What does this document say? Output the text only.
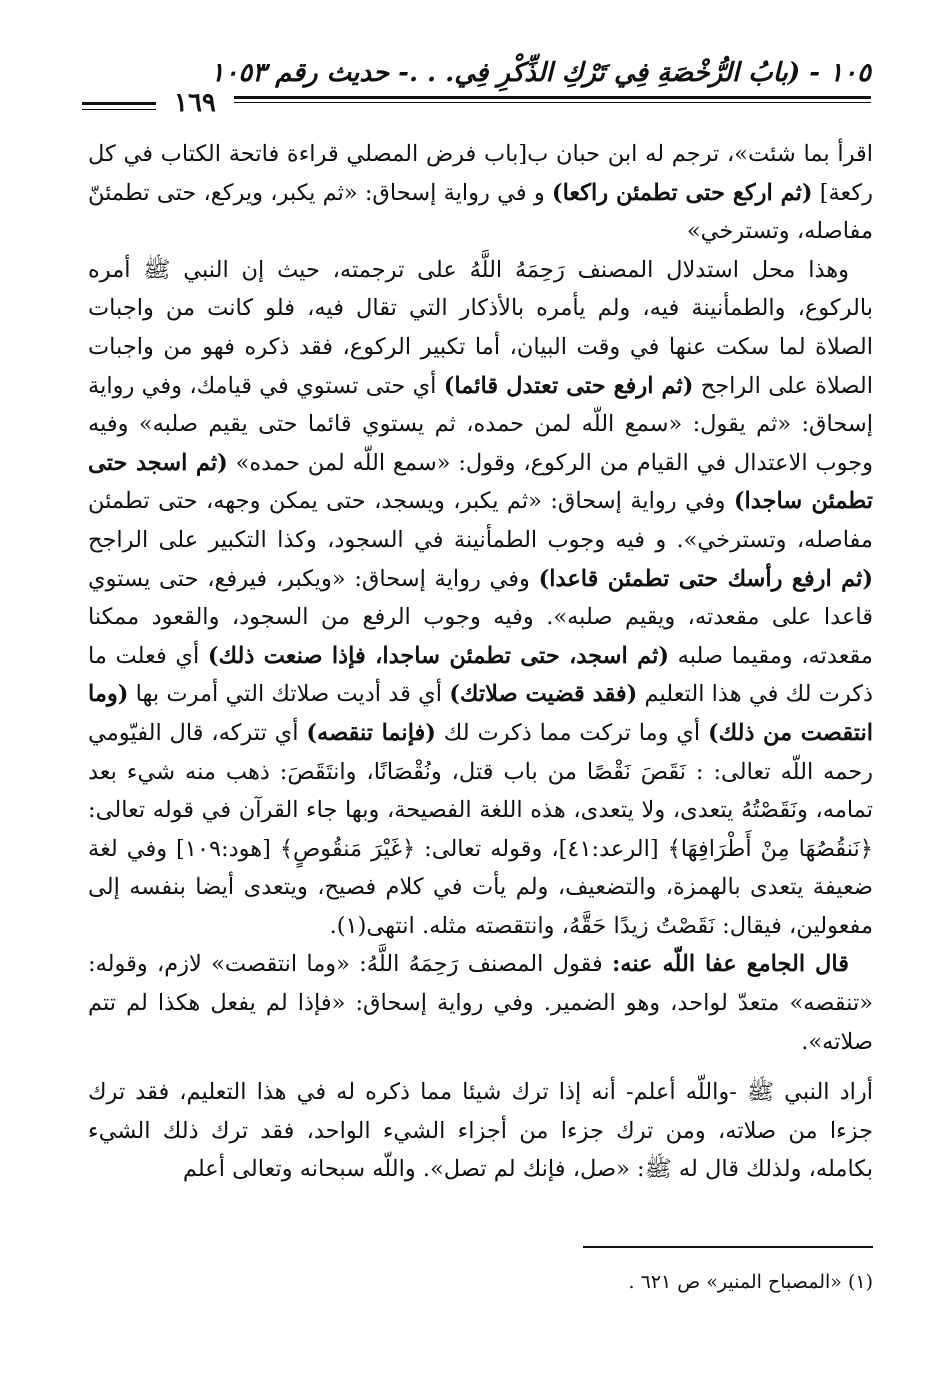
١٠٥ - (بابُ الرُّخْصَةِ فِي تَرْكِ الذِّكْرِ فِي. . .- حديث رقم ١٠٥٣
١٦٩

اقرأ بما شئت»، ترجم له ابن حبان ب[باب فرض المصلي قراءة فاتحة الكتاب في كل ركعة] (ثم اركع حتى تطمئن راكعا) و في رواية إسحاق: «ثم يكبر، ويركع، حتى تطمئنّ مفاصله، وتسترخي»

وهذا محل استدلال المصنف رَحِمَهُ اللَّهُ على ترجمته، حيث إن النبي ﷺ أمره بالركوع، والطمأنينة فيه، ولم يأمره بالأذكار التي تقال فيه، فلو كانت من واجبات الصلاة لما سكت عنها في وقت البيان، أما تكبير الركوع، فقد ذكره فهو من واجبات الصلاة على الراجح (ثم ارفع حتى تعتدل قائما) أي حتى تستوي في قيامك، وفي رواية إسحاق: «ثم يقول: «سمع اللّه لمن حمده، ثم يستوي قائما حتى يقيم صلبه» وفيه وجوب الاعتدال في القيام من الركوع، وقول: «سمع اللّه لمن حمده» (ثم اسجد حتى تطمئن ساجدا) وفي رواية إسحاق: «ثم يكبر، ويسجد، حتى يمكن وجهه، حتى تطمئن مفاصله، وتسترخي». و فيه وجوب الطمأنينة في السجود، وكذا التكبير على الراجح (ثم ارفع رأسك حتى تطمئن قاعدا) وفي رواية إسحاق: «ويكبر، فيرفع، حتى يستوي قاعدا على مقعدته، ويقيم صلبه». وفيه وجوب الرفع من السجود، والقعود ممكنا مقعدته، ومقيما صلبه (ثم اسجد، حتى تطمئن ساجدا، فإذا صنعت ذلك) أي فعلت ما ذكرت لك في هذا التعليم (فقد قضيت صلاتك) أي قد أديت صلاتك التي أمرت بها (وما انتقصت من ذلك) أي وما تركت مما ذكرت لك (فإنما تنقصه) أي تتركه، قال الفيّومي رحمه اللّه تعالى: : نَقَصَ نَقْصًا من باب قتل، ونُقْصَانًا، وانتَقَصَ: ذهب منه شيء بعد تمامه، ونَقَصْتُهُ يتعدى، ولا يتعدى، هذه اللغة الفصيحة، وبها جاء القرآن في قوله تعالى: ﴿نَنقُصُهَا مِنْ أَطْرَافِهَا﴾ [الرعد:٤١]، وقوله تعالى: ﴿غَيْرَ مَنقُوصٍ﴾ [هود:١٠٩] وفي لغة ضعيفة يتعدى بالهمزة، والتضعيف، ولم يأت في كلام فصيح، ويتعدى أيضا بنفسه إلى مفعولين، فيقال: نَقَصْتُ زيدًا حَقَّهُ، وانتقصته مثله. انتهى(١).

قال الجامع عفا اللّه عنه: فقول المصنف رَحِمَهُ اللَّهُ: «وما انتقصت» لازم، وقوله: «تنقصه» متعدّ لواحد، وهو الضمير. وفي رواية إسحاق: «فإذا لم يفعل هكذا لم تتم صلاته».

أراد النبي ﷺ -واللّه أعلم- أنه إذا ترك شيئا مما ذكره له في هذا التعليم، فقد ترك جزءا من صلاته، ومن ترك جزءا من أجزاء الشيء الواحد، فقد ترك ذلك الشيء بكامله، ولذلك قال له ﷺ: «صل، فإنك لم تصل». واللّه سبحانه وتعالى أعلم

(١) «المصباح المنير» ص ٦٢١ .
